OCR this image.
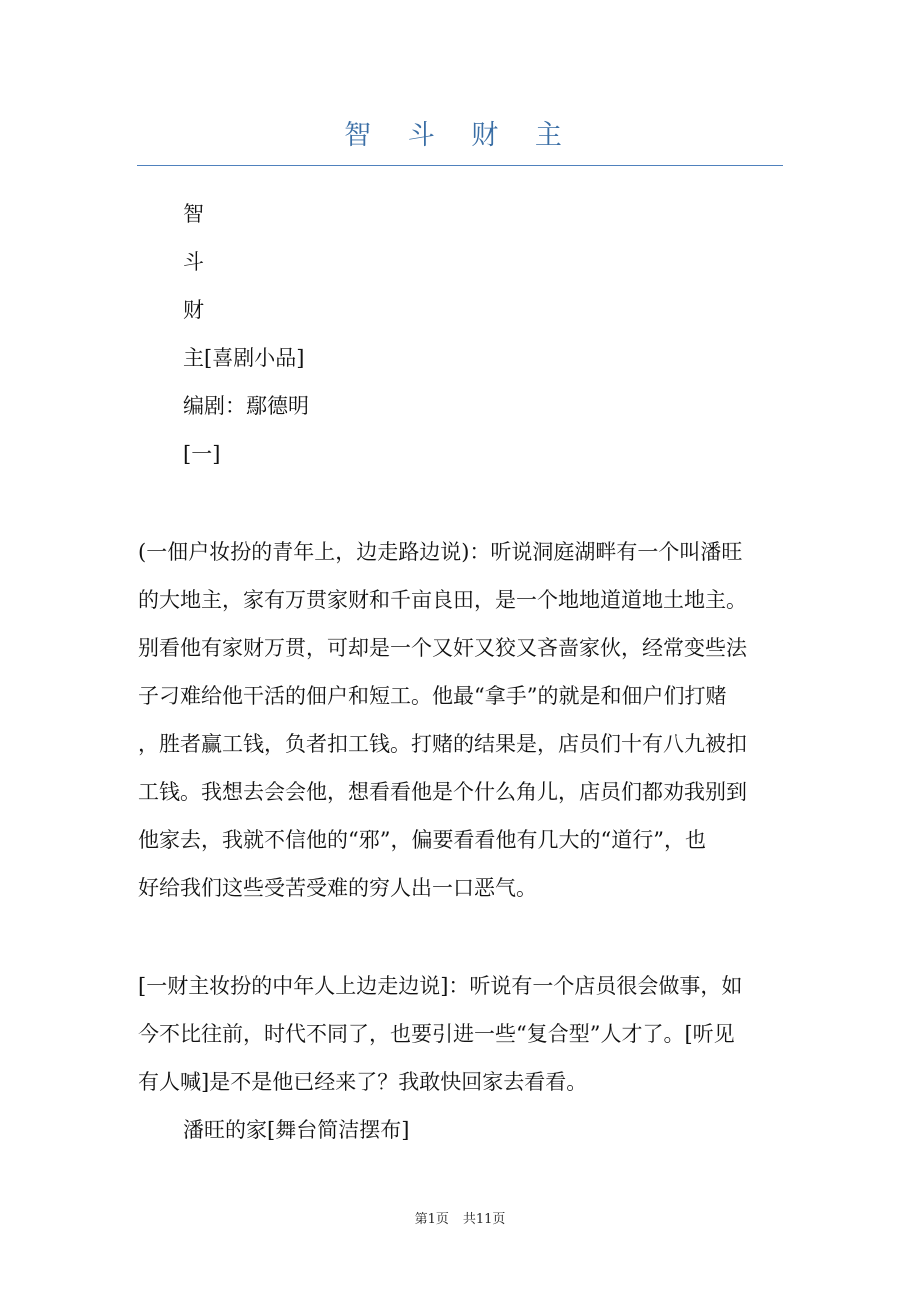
智 斗 财 主
智
斗
财
主[喜剧小品]
编剧：鄢德明
[一]
(一佃户妆扮的青年上，边走路边说)：听说洞庭湖畔有一个叫潘旺
的大地主，家有万贯家财和千亩良田，是一个地地道道地土地主。
别看他有家财万贯，可却是一个又奸又狡又吝啬家伙，经常变些法
子刁难给他干活的佃户和短工。他最“拿手”的就是和佃户们打赌
，胜者赢工钱，负者扣工钱。打赌的结果是，店员们十有八九被扣
工钱。我想去会会他，想看看他是个什么角儿，店员们都劝我别到
他家去，我就不信他的“邪”，偏要看看他有几大的“道行”，也
好给我们这些受苦受难的穷人出一口恶气。
[一财主妆扮的中年人上边走边说]：听说有一个店员很会做事，如
今不比往前，时代不同了，也要引进一些“复合型”人才了。[听见
有人喊]是不是他已经来了？我敢快回家去看看。
潘旺的家[舞台简洁摆布]
第1页 共11页
